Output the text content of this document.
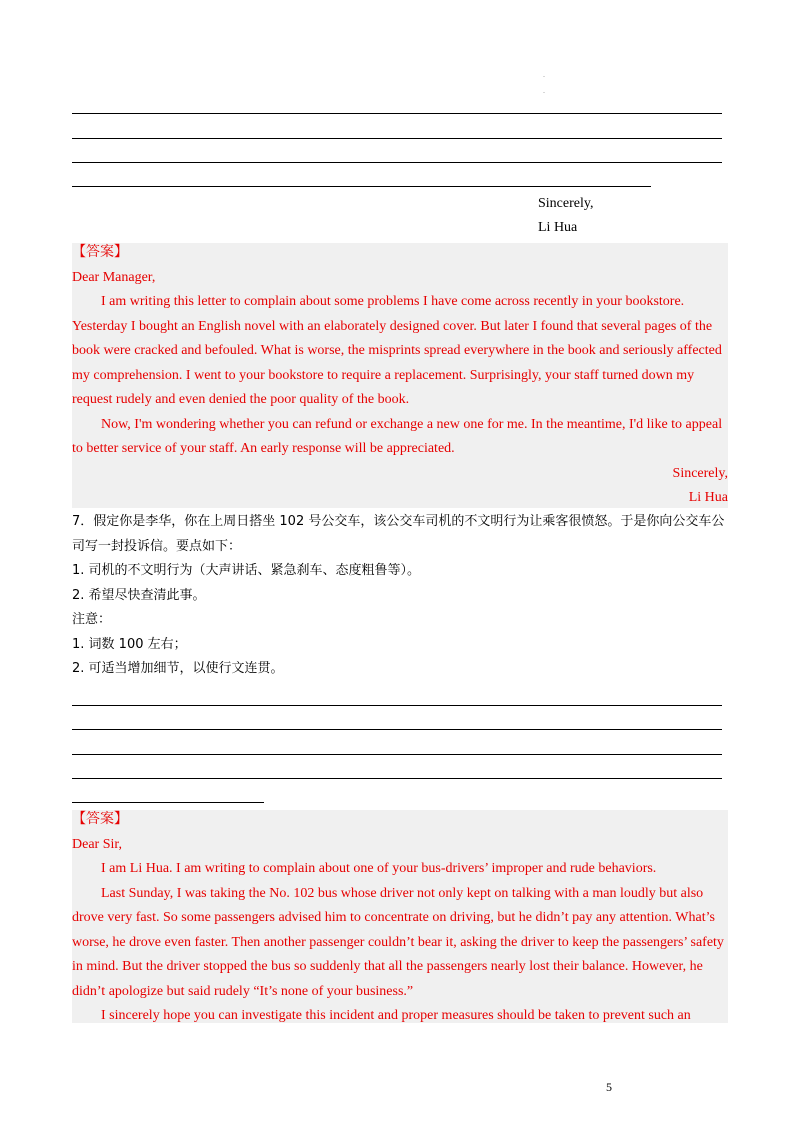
.
.
Sincerely,
Li Hua

【答案】

Dear Manager,

I am writing this letter to complain about some problems I have come across recently in your bookstore. Yesterday I bought an English novel with an elaborately designed cover. But later I found that several pages of the book were cracked and befouled. What is worse, the misprints spread everywhere in the book and seriously affected my comprehension. I went to your bookstore to require a replacement. Surprisingly, your staff turned down my request rudely and even denied the poor quality of the book.

Now, I'm wondering whether you can refund or exchange a new one for me. In the meantime, I'd like to appeal to better service of your staff. An early response will be appreciated.

Sincerely,

Li Hua

7．假定你是李华，你在上周日搭坐 102 号公交车，该公交车司机的不文明行为让乘客很愤怒。于是你向公交车公司写一封投诉信。要点如下：

1. 司机的不文明行为（大声讲话、紧急刹车、态度粗鲁等）。

2. 希望尽快查清此事。

注意：

1. 词数 100 左右；

2. 可适当增加细节，以使行文连贯。

【答案】

Dear Sir,

I am Li Hua. I am writing to complain about one of your bus-drivers’ improper and rude behaviors.

Last Sunday, I was taking the No. 102 bus whose driver not only kept on talking with a man loudly but also drove very fast. So some passengers advised him to concentrate on driving, but he didn’t pay any attention. What’s worse, he drove even faster. Then another passenger couldn’t bear it, asking the driver to keep the passengers’ safety in mind. But the driver stopped the bus so suddenly that all the passengers nearly lost their balance. However, he didn’t apologize but said rudely “It’s none of your business.”

I sincerely hope you can investigate this incident and proper measures should be taken to prevent such an

5
